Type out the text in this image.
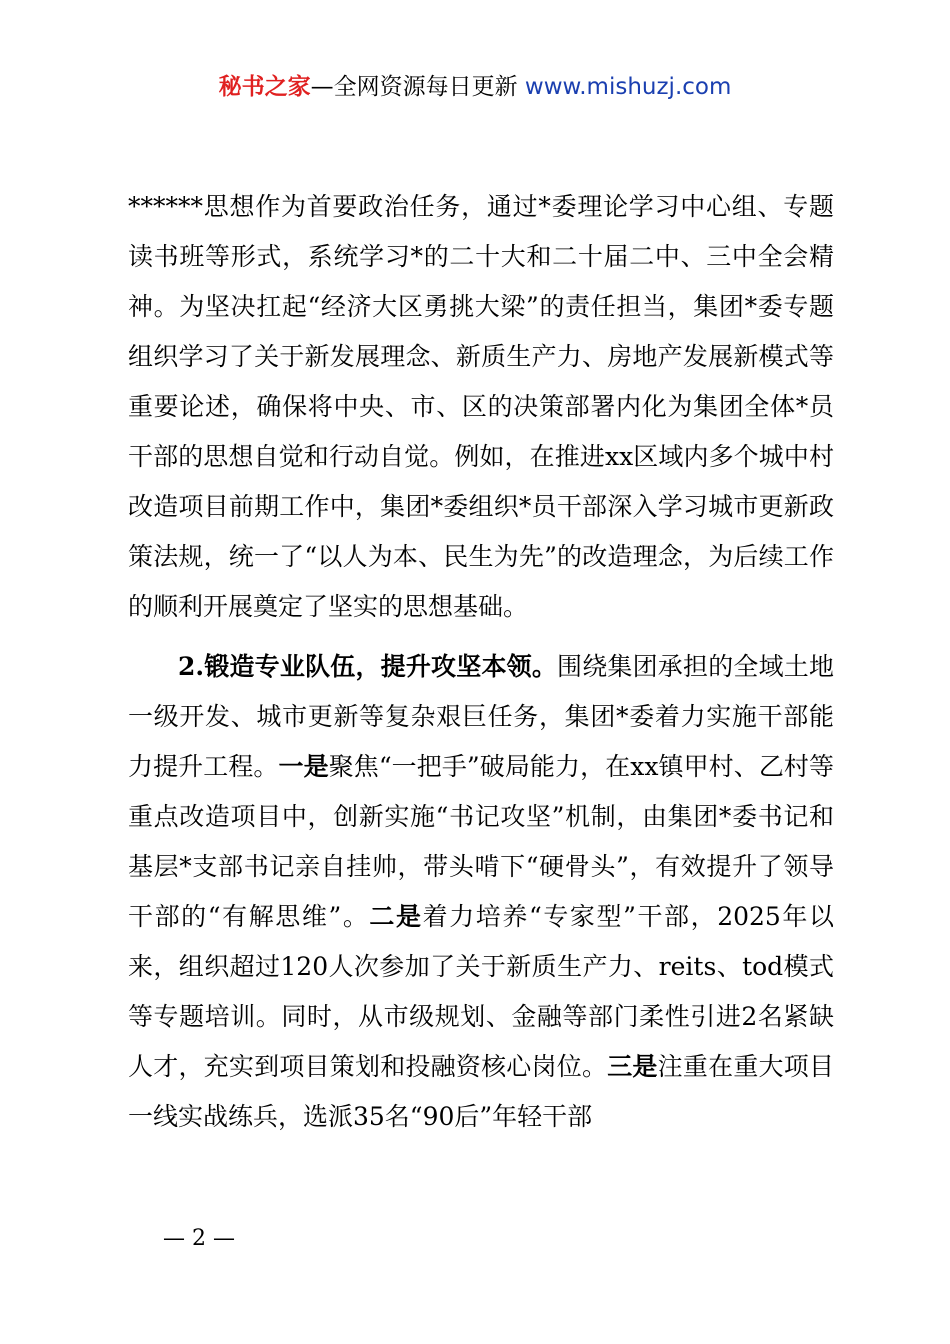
秘书之家—全网资源每日更新 www.mishuzj.com

******思想作为首要政治任务，通过*委理论学习中心组、专题读书班等形式，系统学习*的二十大和二十届二中、三中全会精神。为坚决扛起“经济大区勇挑大梁”的责任担当，集团*委专题组织学习了关于新发展理念、新质生产力、房地产发展新模式等重要论述，确保将中央、市、区的决策部署内化为集团全体*员干部的思想自觉和行动自觉。例如，在推进xx区域内多个城中村改造项目前期工作中，集团*委组织*员干部深入学习城市更新政策法规，统一了“以人为本、民生为先”的改造理念，为后续工作的顺利开展奠定了坚实的思想基础。

2.锻造专业队伍，提升攻坚本领。围绕集团承担的全域土地一级开发、城市更新等复杂艰巨任务，集团*委着力实施干部能力提升工程。一是聚焦“一把手”破局能力，在xx镇甲村、乙村等重点改造项目中，创新实施“书记攻坚”机制，由集团*委书记和基层*支部书记亲自挂帅，带头啃下“硬骨头”，有效提升了领导干部的“有解思维”。二是着力培养“专家型”干部，2025年以来，组织超过120人次参加了关于新质生产力、reits、tod模式等专题培训。同时，从市级规划、金融等部门柔性引进2名紧缺人才，充实到项目策划和投融资核心岗位。三是注重在重大项目一线实战练兵，选派35名“90后”年轻干部

— 2 —
